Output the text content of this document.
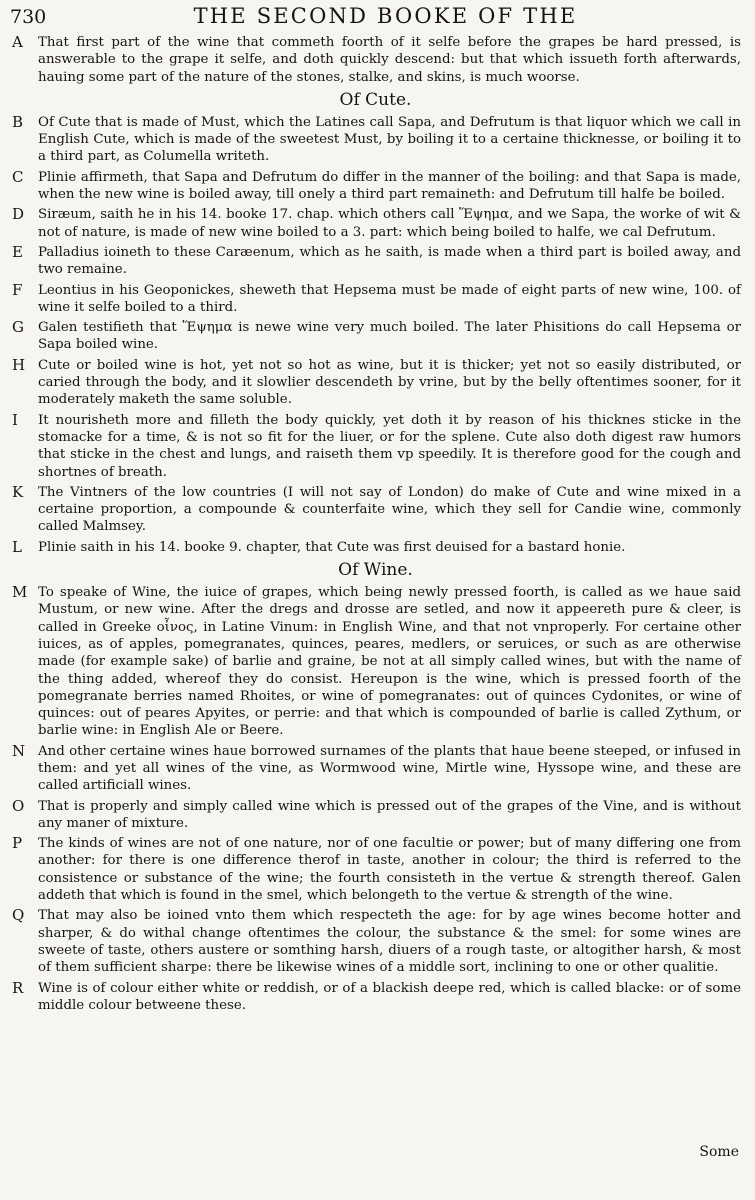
730	THE SECOND BOOKE OF THE
A	That first part of the wine that commeth foorth of it selfe before the grapes be hard pressed, is answerable to the grape it selfe, and doth quickly descend: but that which issueth forth afterwards, hauing some part of the nature of the stones, stalke, and skins, is much woorse.
Of Cute.
B	Of Cute that is made of Must, which the Latines call Sapa, and Defrutum is that liquor which we call in English Cute, which is made of the sweetest Must, by boiling it to a certaine thicknesse, or boiling it to a third part, as Columella writeth.
C	Plinie affirmeth, that Sapa and Defrutum do differ in the manner of the boiling: and that Sapa is made, when the new wine is boiled away, till onely a third part remaineth: and Defrutum till halfe be boiled.
D	Siræum, saith he in his 14. booke 17. chap. which others call Ἕψημα, and we Sapa, the worke of wit & not of nature, is made of new wine boiled to a 3. part: which being boiled to halfe, we cal Defrutum.
E	Palladius ioineth to these Caræenum, which as he saith, is made when a third part is boiled away, and two remaine.
F	Leontius in his Geoponickes, sheweth that Hepsema must be made of eight parts of new wine, 100. of wine it selfe boiled to a third.
G	Galen testifieth that Ἕψημα is newe wine very much boiled. The later Phisitions do call Hepsema or Sapa boiled wine.
H Cute or boiled wine is hot, yet not so hot as wine, but it is thicker; yet not so easily distributed, or caried through the body, and it slowlier descendeth by vrine, but by the belly oftentimes sooner, for it moderately maketh the same soluble.
I	It nourisheth more and filleth the body quickly, yet doth it by reason of his thicknes sticke in the stomacke for a time, & is not so fit for the liuer, or for the splene. Cute also doth digest raw humors that sticke in the chest and lungs, and raiseth them vp speedily. It is therefore good for the cough and shortnes of breath.
K	The Vintners of the low countries (I will not say of London) do make of Cute and wine mixed in a certaine proportion, a compounde & counterfaite wine, which they sell for Candie wine, commonly called Malmsey.
L	Plinie saith in his 14. booke 9. chapter, that Cute was first deuised for a bastard honie.
Of Wine.
M To speake of Wine, the iuice of grapes, which being newly pressed foorth, is called as we haue said Mustum, or new wine. After the dregs and drosse are setled, and now it appeereth pure & cleer, is called in Greeke οἶνος, in Latine Vinum: in English Wine, and that not vnproperly. For certaine other iuices, as of apples, pomegranates, quinces, peares, medlers, or seruices, or such as are otherwise made (for example sake) of barlie and graine, be not at all simply called wines, but with the name of the thing added, whereof they do consist. Hereupon is the wine, which is pressed foorth of the pomegranate berries named Rhoites, or wine of pomegranates: out of quinces Cydonites, or wine of quinces: out of peares Apyites, or perrie: and that which is compounded of barlie is called Zythum, or barlie wine: in English Ale or Beere.
N And other certaine wines haue borrowed surnames of the plants that haue beene steeped, or infused in them: and yet all wines of the vine, as Wormwood wine, Mirtle wine, Hyssope wine, and these are called artificiall wines.
O	That is properly and simply called wine which is pressed out of the grapes of the Vine, and is without any maner of mixture.
P	The kinds of wines are not of one nature, nor of one facultie or power; but of many differing one from another: for there is one difference therof in taste, another in colour; the third is referred to the consistence or substance of the wine; the fourth consisteth in the vertue & strength thereof. Galen addeth that which is found in the smel, which belongeth to the vertue & strength of the wine.
Q	That may also be ioined vnto them which respecteth the age: for by age wines become hotter and sharper, & do withal change oftentimes the colour, the substance & the smel: for some wines are sweete of taste, others austere or somthing harsh, diuers of a rough taste, or altogither harsh, & most of them sufficient sharpe: there be likewise wines of a middle sort, inclining to one or other qualitie.
R	Wine is of colour either white or reddish, or of a blackish deepe red, which is called blacke: or of some middle colour betweene these.
Some
